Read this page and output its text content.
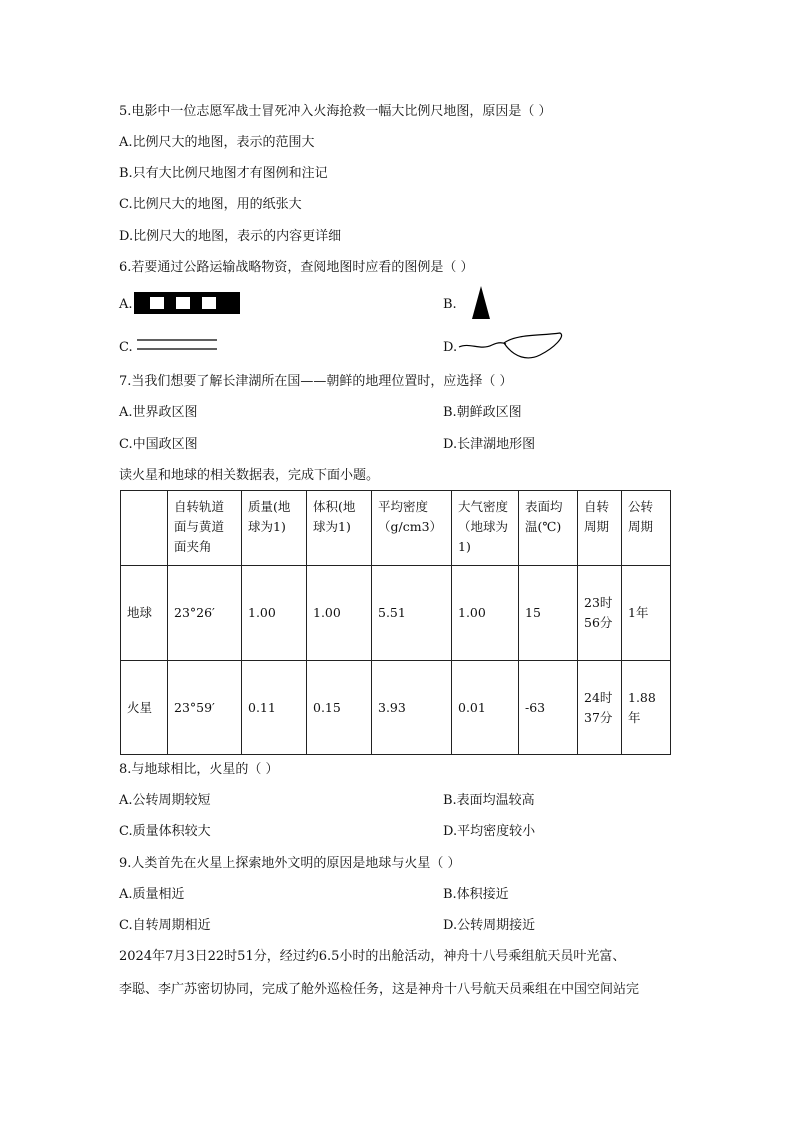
5.电影中一位志愿军战士冒死冲入火海抢救一幅大比例尺地图，原因是（ ）
A.比例尺大的地图，表示的范围大
B.只有大比例尺地图才有图例和注记
C.比例尺大的地图，用的纸张大
D.比例尺大的地图，表示的内容更详细
6.若要通过公路运输战略物资，查阅地图时应看的图例是（ ）
A.	B.
C.	D.
7.当我们想要了解长津湖所在国——朝鲜的地理位置时，应选择（ ）
A.世界政区图	B.朝鲜政区图
C.中国政区图	D.长津湖地形图
读火星和地球的相关数据表，完成下面小题。
	自转轨道面与黄道面夹角	质量(地球为1)	体积(地球为1)	平均密度（g/cm3）	大气密度（地球为1)	表面均温(℃)	自转周期	公转周期
地球	23°26′	1.00	1.00	5.51	1.00	15	23时56分	1年
火星	23°59′	0.11	0.15	3.93	0.01	-63	24时37分	1.88年
8.与地球相比，火星的（ ）
A.公转周期较短	B.表面均温较高
C.质量体积较大	D.平均密度较小
9.人类首先在火星上探索地外文明的原因是地球与火星（ ）
A.质量相近	B.体积接近
C.自转周期相近	D.公转周期接近
2024年7月3日22时51分，经过约6.5小时的出舱活动，神舟十八号乘组航天员叶光富、
李聪、李广苏密切协同，完成了舱外巡检任务，这是神舟十八号航天员乘组在中国空间站完
